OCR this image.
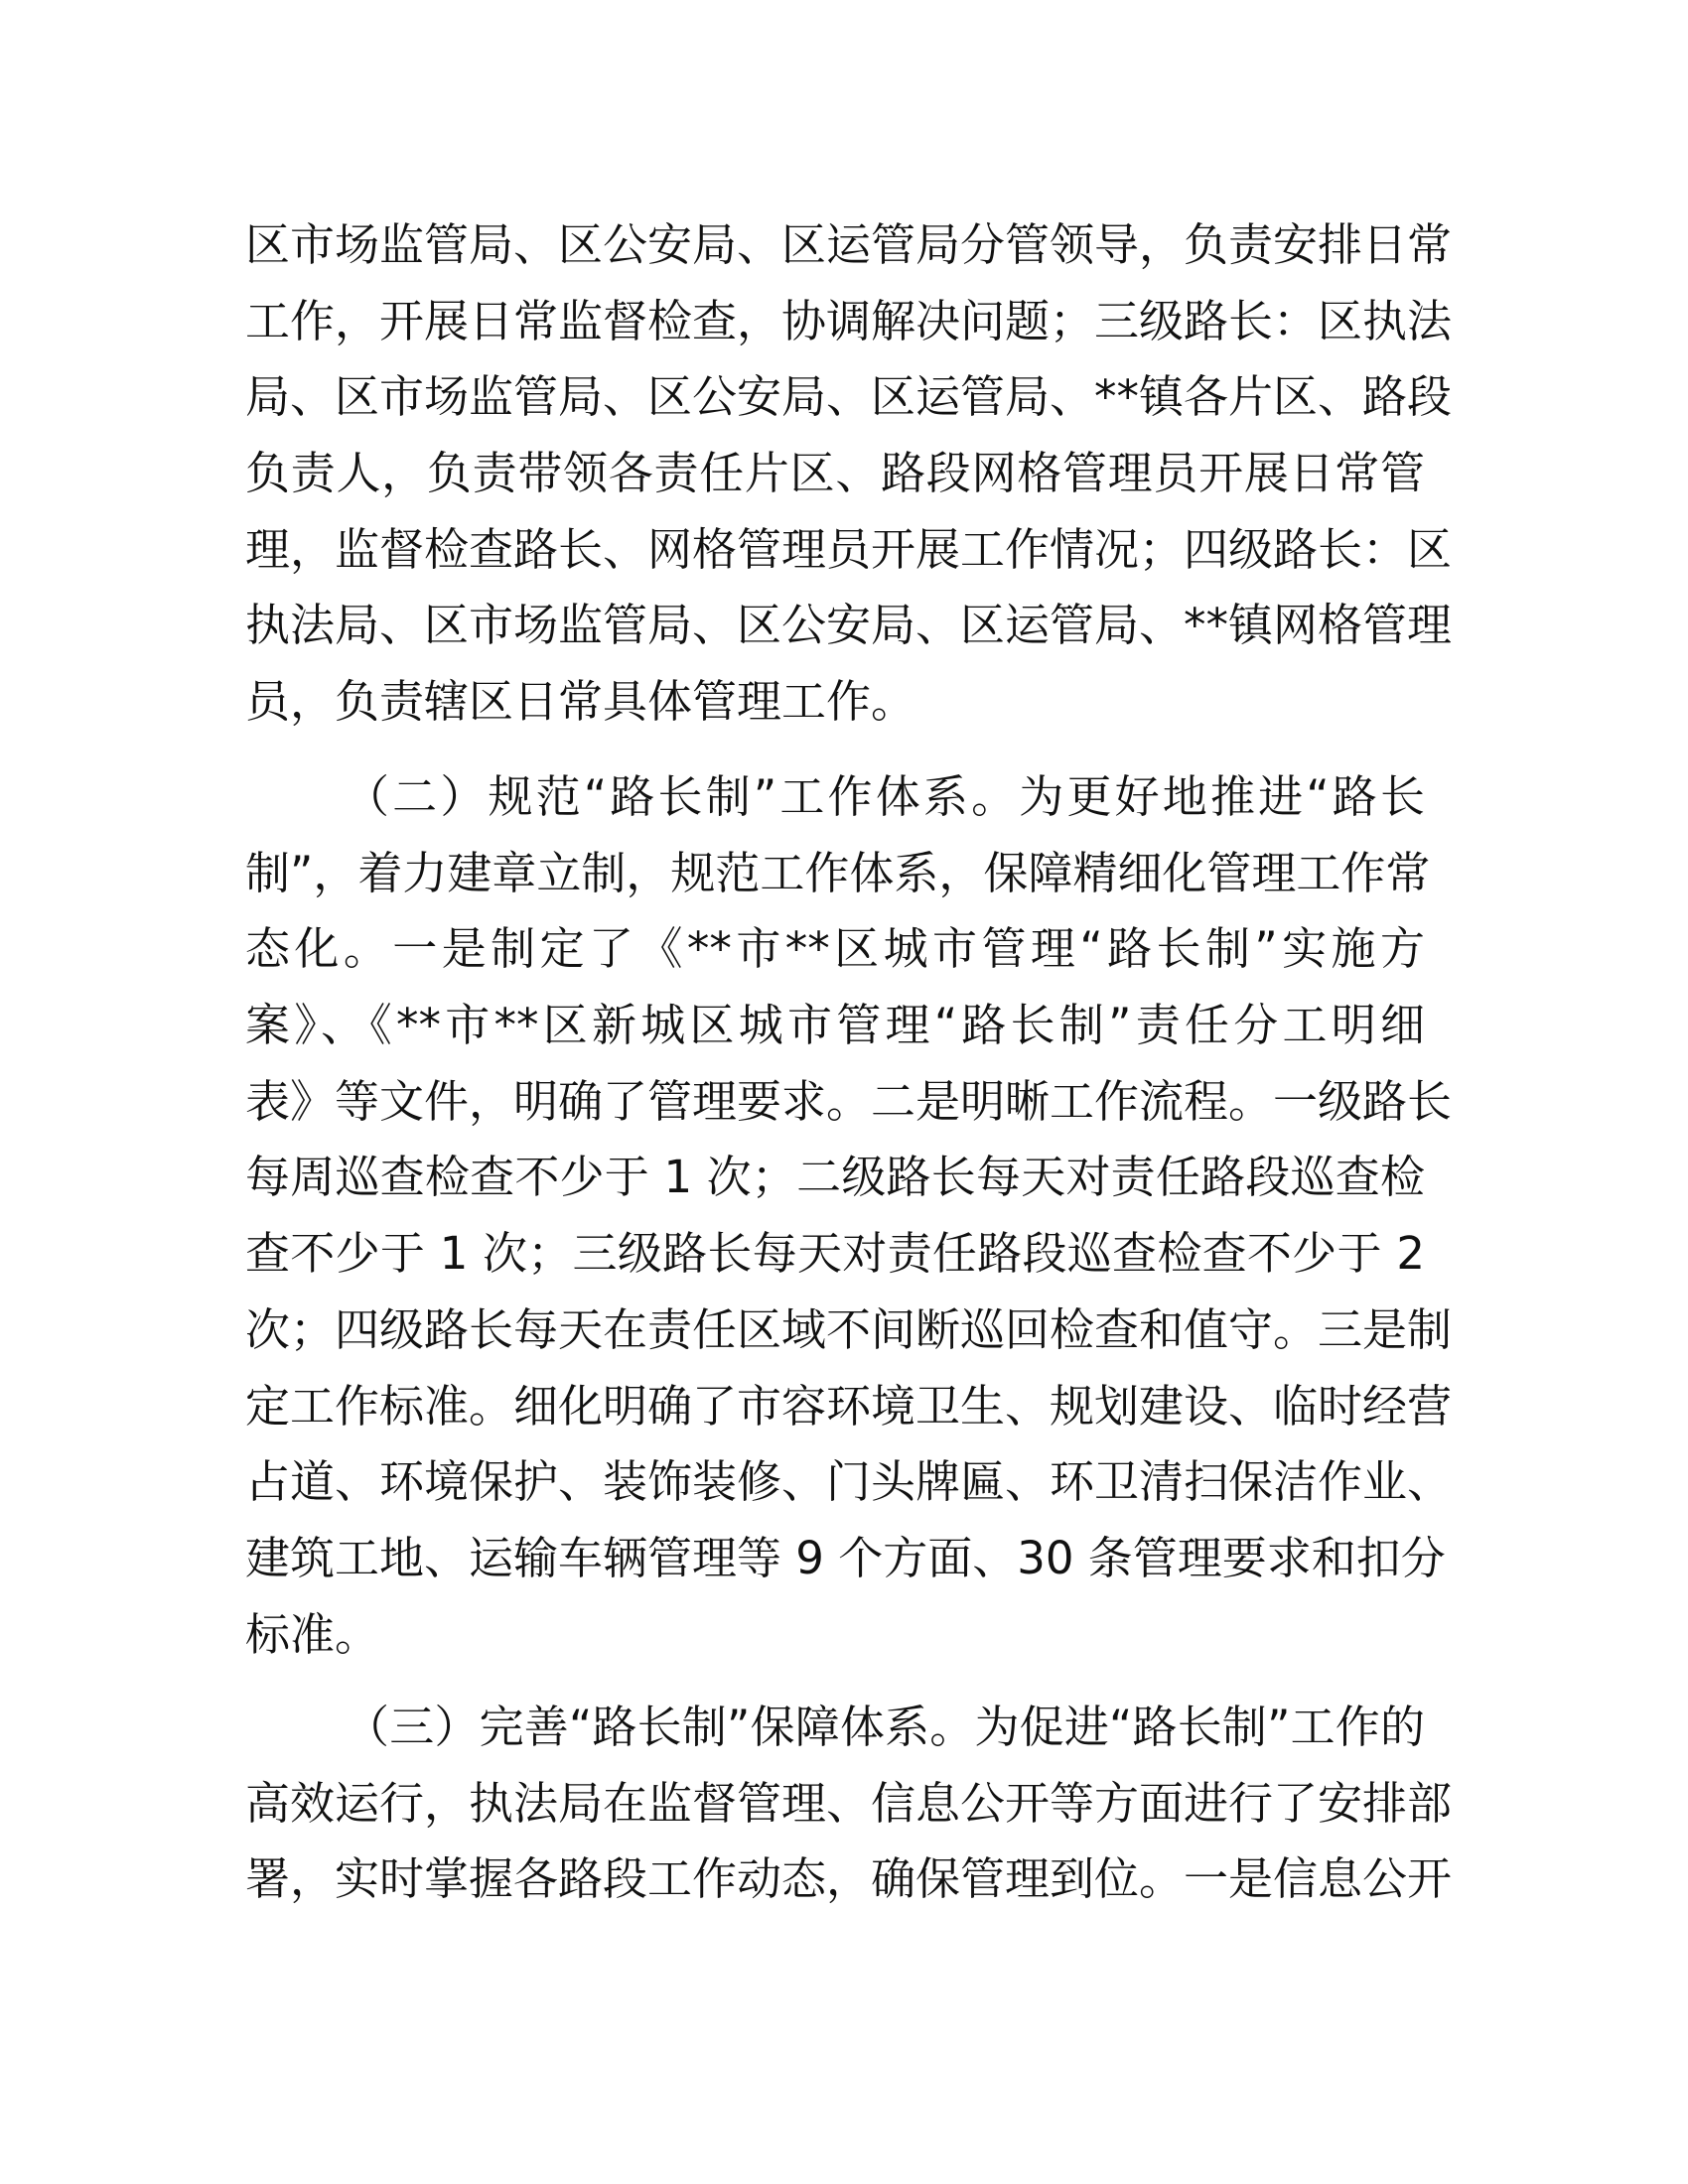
区市场监管局、区公安局、区运管局分管领导，负责安排日常
工作，开展日常监督检查，协调解决问题；三级路长：区执法
局、区市场监管局、区公安局、区运管局、**镇各片区、路段
负责人，负责带领各责任片区、路段网格管理员开展日常管
理，监督检查路长、网格管理员开展工作情况；四级路长：区
执法局、区市场监管局、区公安局、区运管局、**镇网格管理
员，负责辖区日常具体管理工作。
（二）规范“路长制”工作体系。为更好地推进“路长
制”，着力建章立制，规范工作体系，保障精细化管理工作常
态化。一是制定了《**市**区城市管理“路长制”实施方
案》、《**市**区新城区城市管理“路长制”责任分工明细
表》等文件，明确了管理要求。二是明晰工作流程。一级路长
每周巡查检查不少于 1 次；二级路长每天对责任路段巡查检
查不少于 1 次；三级路长每天对责任路段巡查检查不少于 2
次；四级路长每天在责任区域不间断巡回检查和值守。三是制
定工作标准。细化明确了市容环境卫生、规划建设、临时经营
占道、环境保护、装饰装修、门头牌匾、环卫清扫保洁作业、
建筑工地、运输车辆管理等 9 个方面、30 条管理要求和扣分
标准。
（三）完善“路长制”保障体系。为促进“路长制”工作的
高效运行，执法局在监督管理、信息公开等方面进行了安排部
署，实时掌握各路段工作动态，确保管理到位。一是信息公开
